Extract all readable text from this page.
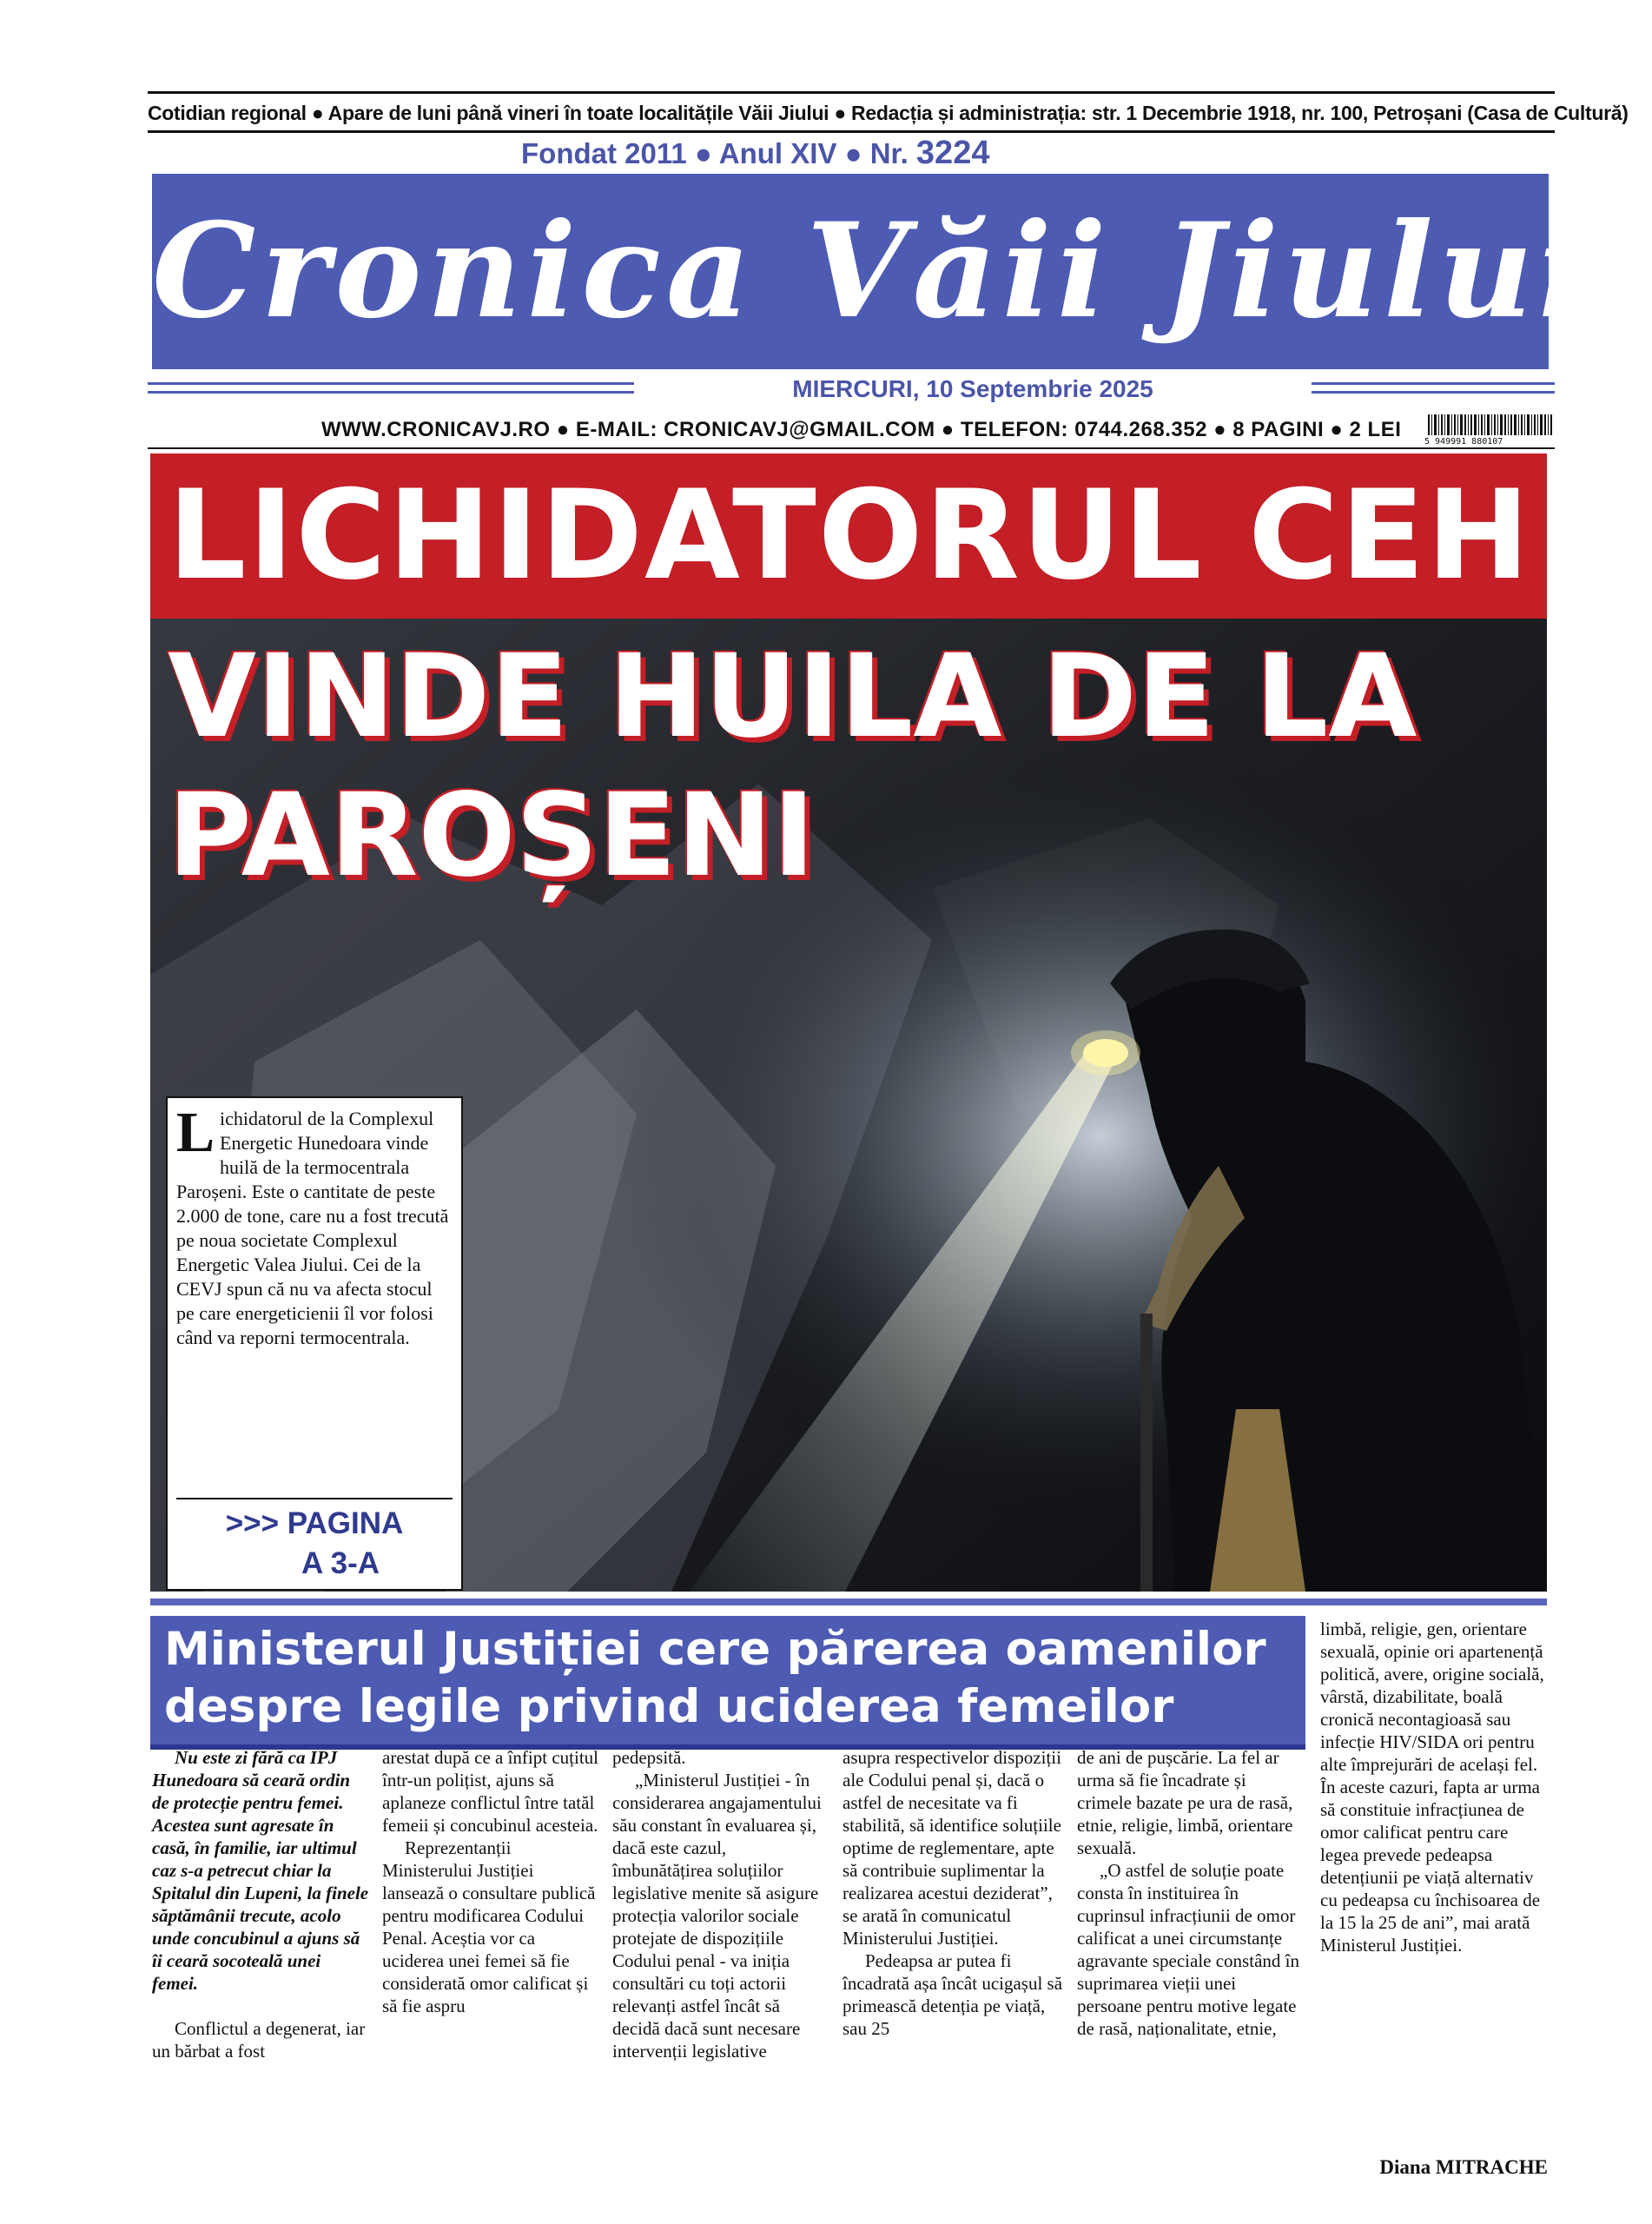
Cotidian regional ● Apare de luni până vineri în toate localitățile Văii Jiului ● Redacția și administrația: str. 1 Decembrie 1918, nr. 100, Petroșani (Casa de Cultură)
Fondat 2011 ● Anul XIV ● Nr. 3224
Cronica Văii Jiului
MIERCURI, 10 Septembrie 2025
WWW.CRONICAVJ.RO ● E-MAIL: CRONICAVJ@GMAIL.COM ● TELEFON: 0744.268.352 ● 8 PAGINI ● 2 LEI
5 949991 880107
LICHIDATORUL CEH
VINDE HUILA DE LA
PAROȘENI
Lichidatorul de la Complexul Energetic Hunedoara vinde huilă de la termocentrala Paroșeni. Este o cantitate de peste 2.000 de tone, care nu a fost trecută pe noua societate Complexul Energetic Valea Jiului. Cei de la CEVJ spun că nu va afecta stocul pe care energeticienii îl vor folosi când va reporni termocentrala.
>>> PAGINA
A 3-A
Ministerul Justiției cere părerea oamenilor despre legile privind uciderea femeilor

Nu este zi fără ca IPJ Hunedoara să ceară ordin de protecție pentru femei. Acestea sunt agresate în casă, în familie, iar ultimul caz s-a petrecut chiar la Spitalul din Lupeni, la finele săptămânii trecute, acolo unde concubinul a ajuns să îi ceară socoteală unei femei.

Conflictul a degenerat, iar un bărbat a fost

arestat după ce a înfipt cuțitul într-un polițist, ajuns să aplaneze conflictul între tatăl femeii și concubinul acesteia.

Reprezentanții Ministerului Justiției lansează o consultare publică pentru modificarea Codului Penal. Aceștia vor ca uciderea unei femei să fie considerată omor calificat și să fie aspru

pedepsită.

„Ministerul Justiției - în considerarea angajamentului său constant în evaluarea și, dacă este cazul, îmbunătățirea soluțiilor legislative menite să asigure protecția valorilor sociale protejate de dispozițiile Codului penal - va iniția consultări cu toți actorii relevanți astfel încât să decidă dacă sunt necesare intervenții legislative

asupra respectivelor dispoziții ale Codului penal și, dacă o astfel de necesitate va fi stabilită, să identifice soluțiile optime de reglementare, apte să contribuie suplimentar la realizarea acestui deziderat”, se arată în comunicatul Ministerului Justiției.

Pedeapsa ar putea fi încadrată așa încât ucigașul să primească detenția pe viață, sau 25

de ani de pușcărie. La fel ar urma să fie încadrate și crimele bazate pe ura de rasă, etnie, religie, limbă, orientare sexuală.

„O astfel de soluție poate consta în instituirea în cuprinsul infracțiunii de omor calificat a unei circumstanțe agravante speciale constând în suprimarea vieții unei persoane pentru motive legate de rasă, naționalitate, etnie,

limbă, religie, gen, orientare sexuală, opinie ori apartenență politică, avere, origine socială, vârstă, dizabilitate, boală cronică necontagioasă sau infecție HIV/SIDA ori pentru alte împrejurări de același fel. În aceste cazuri, fapta ar urma să constituie infracțiunea de omor calificat pentru care legea prevede pedeapsa detențiunii pe viață alternativ cu pedeapsa cu închisoarea de la 15 la 25 de ani”, mai arată Ministerul Justiției.

Diana MITRACHE
